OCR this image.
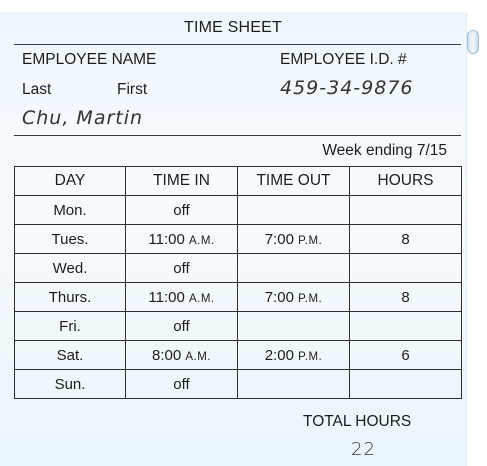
TIME SHEET
EMPLOYEE NAME	EMPLOYEE I.D. #
Last	First	459-34-9876
Chu, Martin
Week ending 7/15
DAY	TIME IN	TIME OUT	HOURS
Mon.	off		
Tues.	11:00 A.M.	7:00 P.M.	8
Wed.	off		
Thurs.	11:00 A.M.	7:00 P.M.	8
Fri.	off		
Sat.	8:00 A.M.	2:00 P.M.	6
Sun.	off		
TOTAL HOURS
22
